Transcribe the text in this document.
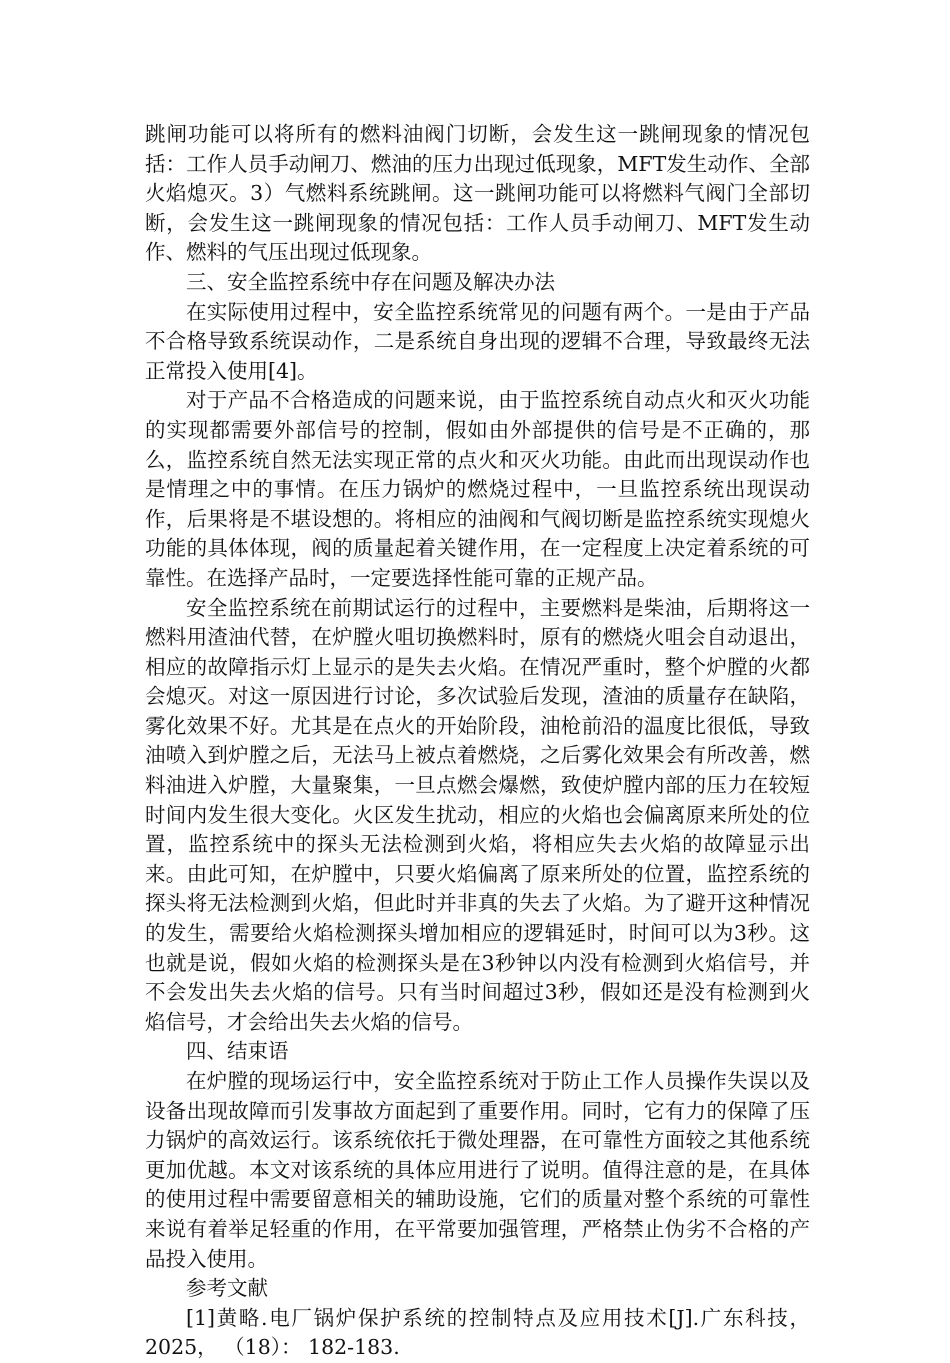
跳闸功能可以将所有的燃料油阀门切断，会发生这一跳闸现象的情况包括：工作人员手动闸刀、燃油的压力出现过低现象，MFT发生动作、全部火焰熄灭。3）气燃料系统跳闸。这一跳闸功能可以将燃料气阀门全部切断，会发生这一跳闸现象的情况包括：工作人员手动闸刀、MFT发生动作、燃料的气压出现过低现象。

三、安全监控系统中存在问题及解决办法

在实际使用过程中，安全监控系统常见的问题有两个。一是由于产品不合格导致系统误动作，二是系统自身出现的逻辑不合理，导致最终无法正常投入使用[4]。

对于产品不合格造成的问题来说，由于监控系统自动点火和灭火功能的实现都需要外部信号的控制，假如由外部提供的信号是不正确的，那么，监控系统自然无法实现正常的点火和灭火功能。由此而出现误动作也是情理之中的事情。在压力锅炉的燃烧过程中，一旦监控系统出现误动作，后果将是不堪设想的。将相应的油阀和气阀切断是监控系统实现熄火功能的具体体现，阀的质量起着关键作用，在一定程度上决定着系统的可靠性。在选择产品时，一定要选择性能可靠的正规产品。

安全监控系统在前期试运行的过程中，主要燃料是柴油，后期将这一燃料用渣油代替，在炉膛火咀切换燃料时，原有的燃烧火咀会自动退出，相应的故障指示灯上显示的是失去火焰。在情况严重时，整个炉膛的火都会熄灭。对这一原因进行讨论，多次试验后发现，渣油的质量存在缺陷，雾化效果不好。尤其是在点火的开始阶段，油枪前沿的温度比很低，导致油喷入到炉膛之后，无法马上被点着燃烧，之后雾化效果会有所改善，燃料油进入炉膛，大量聚集，一旦点燃会爆燃，致使炉膛内部的压力在较短时间内发生很大变化。火区发生扰动，相应的火焰也会偏离原来所处的位置，监控系统中的探头无法检测到火焰，将相应失去火焰的故障显示出来。由此可知，在炉膛中，只要火焰偏离了原来所处的位置，监控系统的探头将无法检测到火焰，但此时并非真的失去了火焰。为了避开这种情况的发生，需要给火焰检测探头增加相应的逻辑延时，时间可以为3秒。这也就是说，假如火焰的检测探头是在3秒钟以内没有检测到火焰信号，并不会发出失去火焰的信号。只有当时间超过3秒，假如还是没有检测到火焰信号，才会给出失去火焰的信号。

四、结束语

在炉膛的现场运行中，安全监控系统对于防止工作人员操作失误以及设备出现故障而引发事故方面起到了重要作用。同时，它有力的保障了压力锅炉的高效运行。该系统依托于微处理器，在可靠性方面较之其他系统更加优越。本文对该系统的具体应用进行了说明。值得注意的是，在具体的使用过程中需要留意相关的辅助设施，它们的质量对整个系统的可靠性来说有着举足轻重的作用，在平常要加强管理，严格禁止伪劣不合格的产品投入使用。

参考文献

[1]黄略.电厂锅炉保护系统的控制特点及应用技术[J].广东科技， 2025， （18）： 182-183.
